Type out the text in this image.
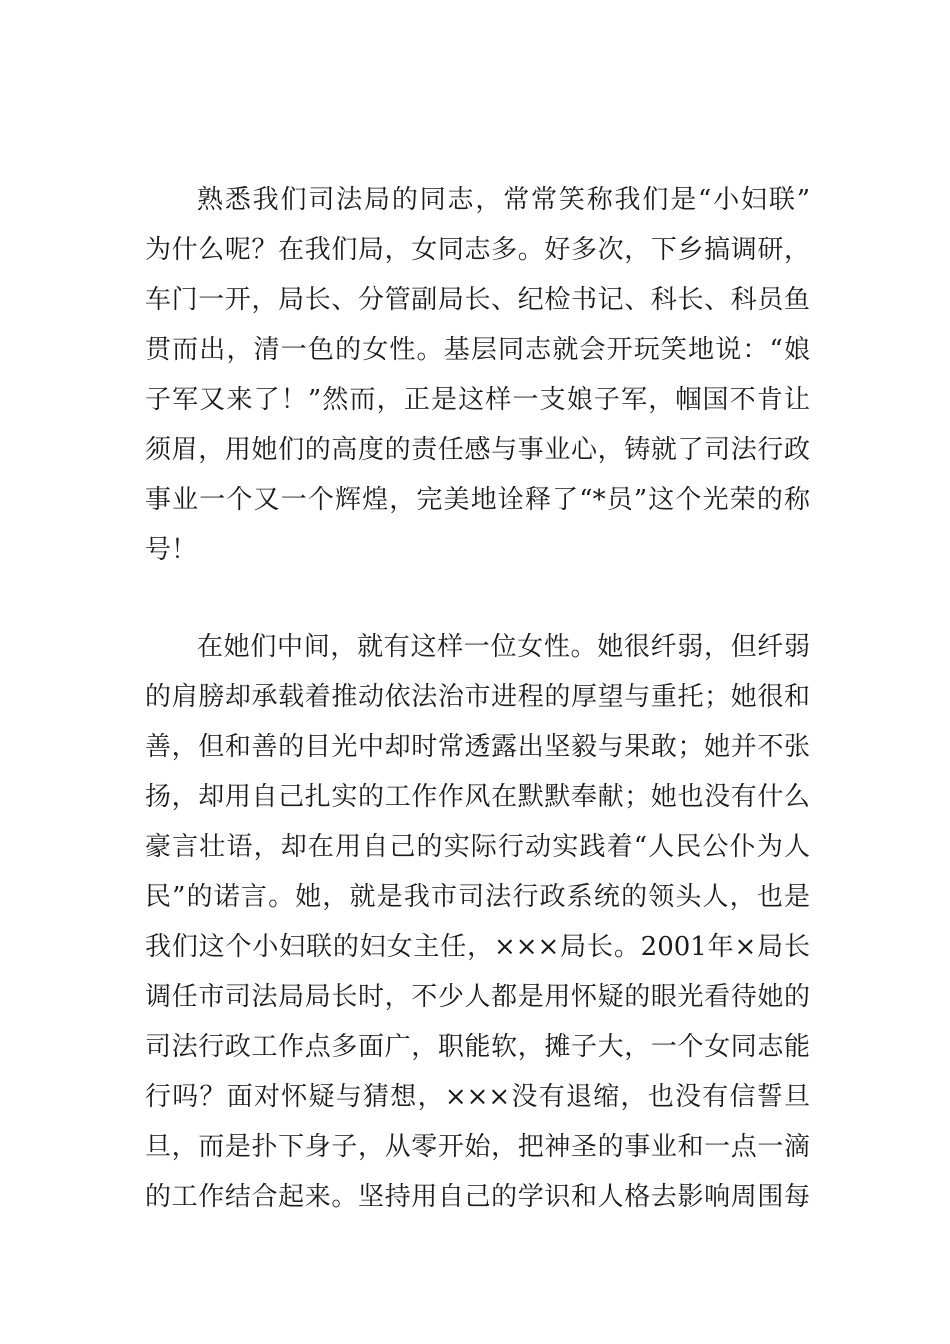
熟悉我们司法局的同志，常常笑称我们是“小妇联”
为什么呢？在我们局，女同志多。好多次，下乡搞调研，
车门一开，局长、分管副局长、纪检书记、科长、科员鱼
贯而出，清一色的女性。基层同志就会开玩笑地说：“娘
子军又来了！”然而，正是这样一支娘子军，帼国不肯让
须眉，用她们的高度的责任感与事业心，铸就了司法行政
事业一个又一个辉煌，完美地诠释了“*员”这个光荣的称
号！
在她们中间，就有这样一位女性。她很纤弱，但纤弱
的肩膀却承载着推动依法治市进程的厚望与重托；她很和
善，但和善的目光中却时常透露出坚毅与果敢；她并不张
扬，却用自己扎实的工作作风在默默奉献；她也没有什么
豪言壮语，却在用自己的实际行动实践着“人民公仆为人
民”的诺言。她，就是我市司法行政系统的领头人，也是
我们这个小妇联的妇女主任，×××局长。2001年×局长
调任市司法局局长时，不少人都是用怀疑的眼光看待她的
司法行政工作点多面广，职能软，摊子大，一个女同志能
行吗？面对怀疑与猜想，×××没有退缩，也没有信誓旦
旦，而是扑下身子，从零开始，把神圣的事业和一点一滴
的工作结合起来。坚持用自己的学识和人格去影响周围每
